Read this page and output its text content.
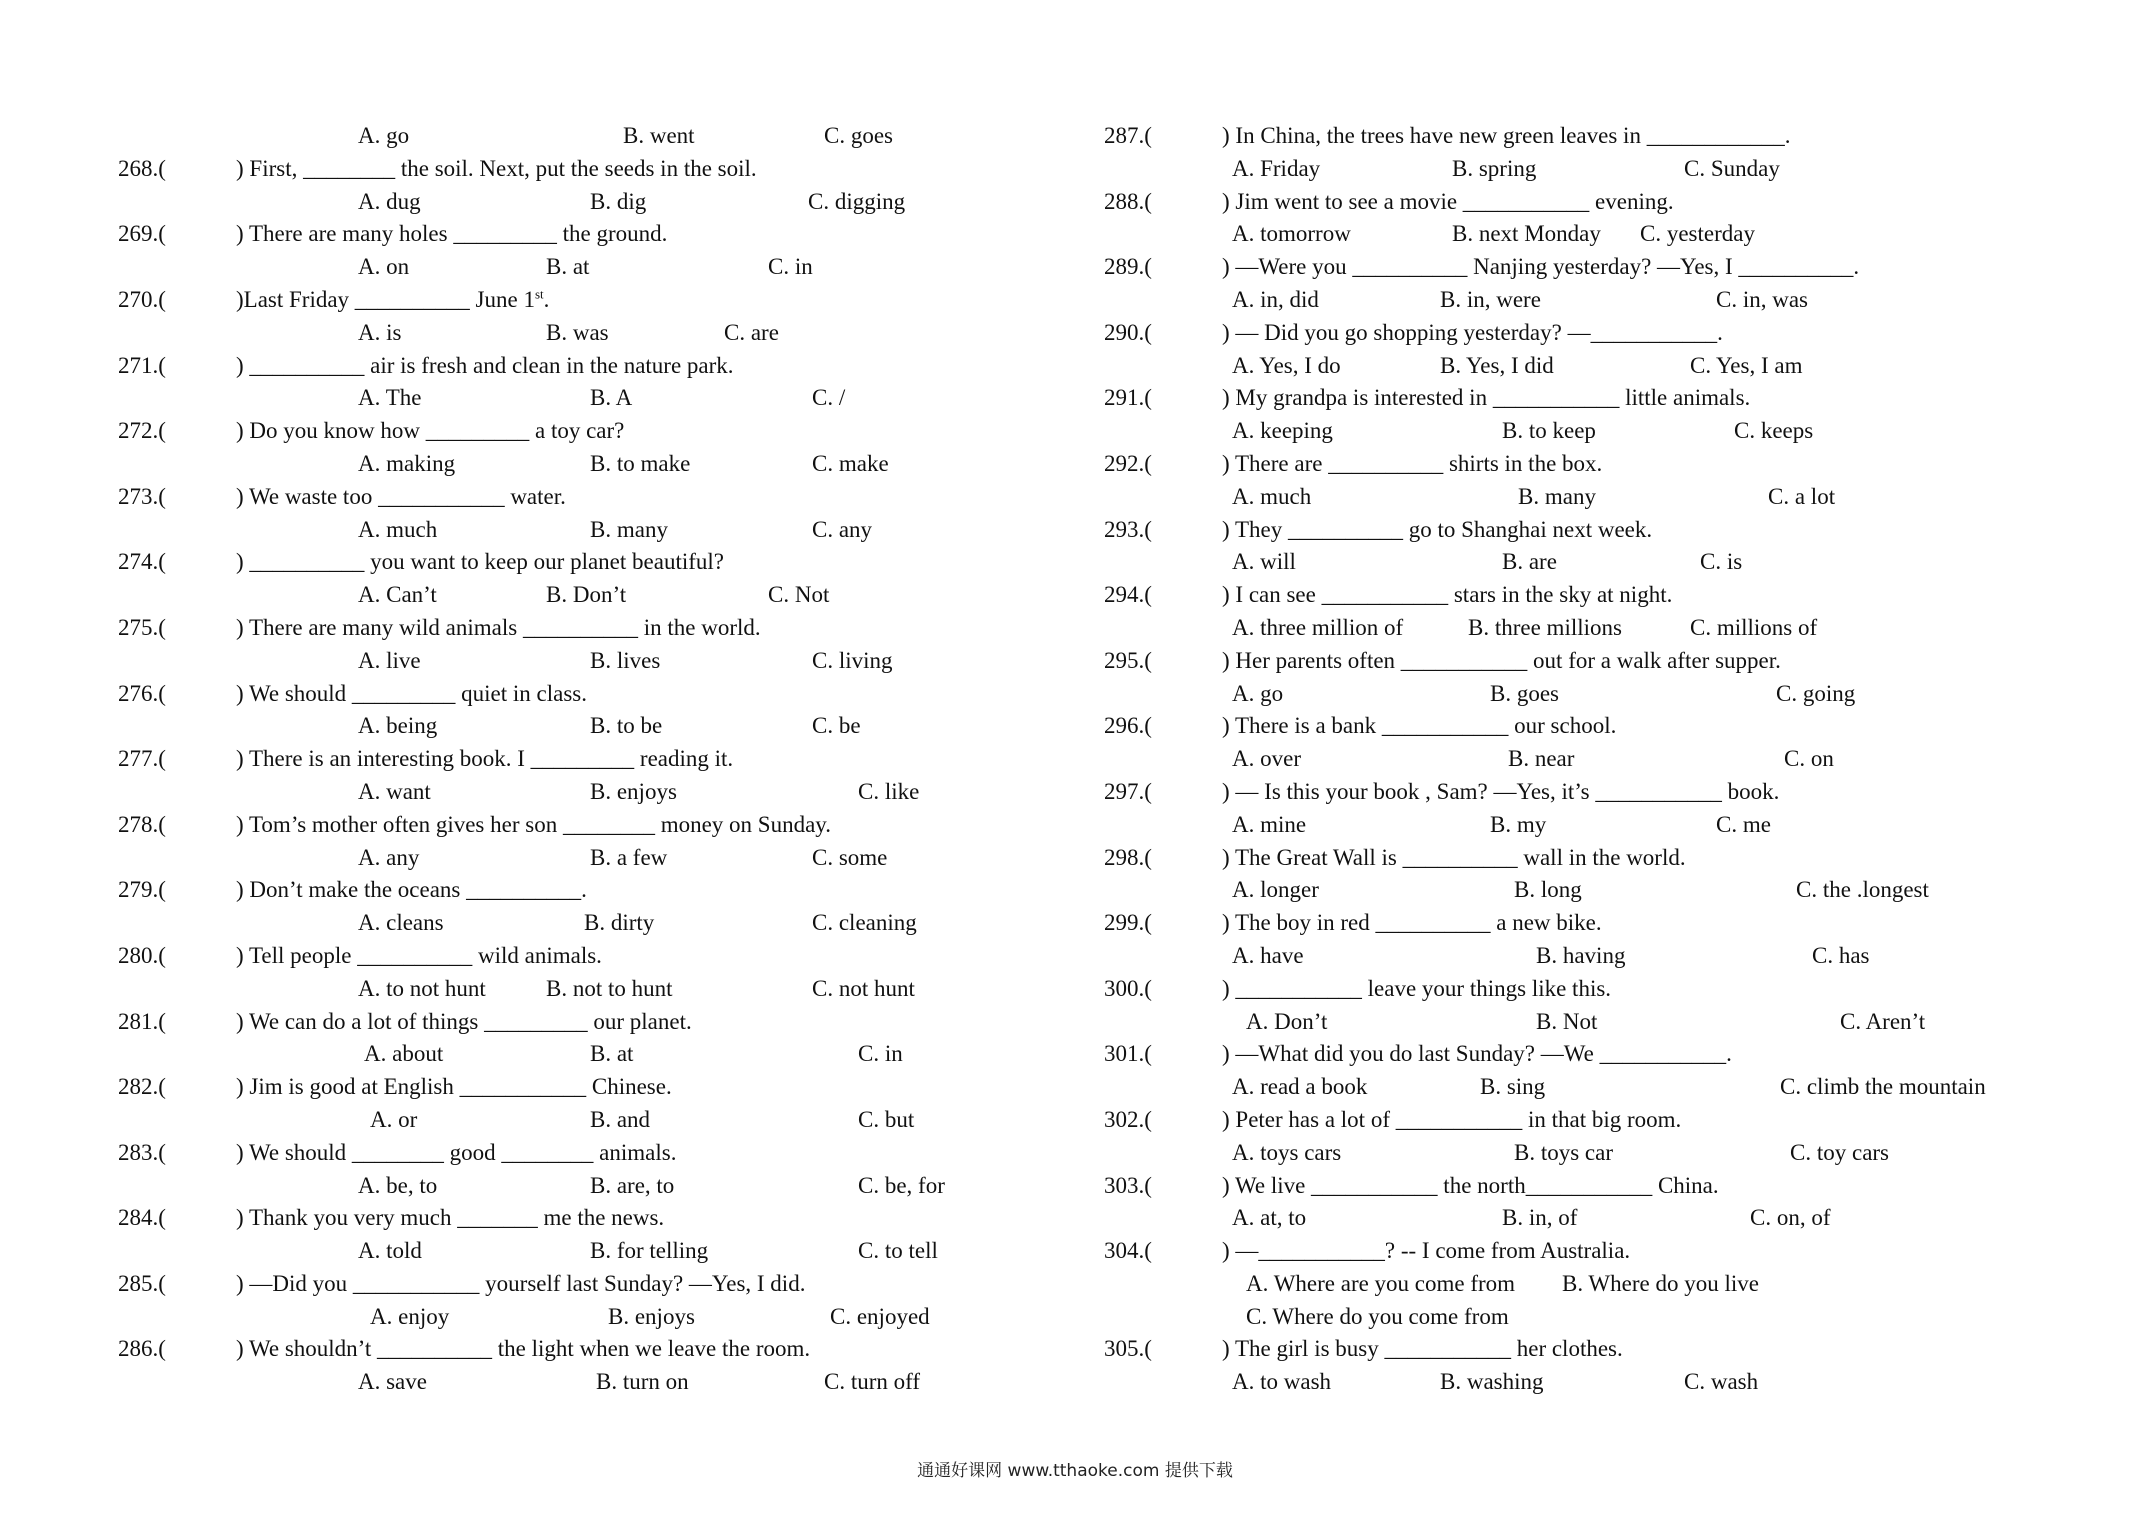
A. go	B. went	C. goes
268.(	) First, ________ the soil. Next, put the seeds in the soil.
A. dug	B. dig	C. digging
269.(	) There are many holes _________ the ground.
A. on	B. at	C. in
270.(	)Last Friday __________ June 1st.
A. is	B. was	C. are
271.(	) __________ air is fresh and clean in the nature park.
A. The	B. A	C. /
272.(	) Do you know how _________ a toy car?
A. making	B. to make	C. make
273.(	) We waste too ___________ water.
A. much	B. many	C. any
274.(	) __________ you want to keep our planet beautiful?
A. Can’t	B. Don’t	C. Not
275.(	) There are many wild animals __________ in the world.
A. live	B. lives	C. living
276.(	) We should _________ quiet in class.
A. being	B. to be	C. be
277.(	) There is an interesting book. I _________ reading it.
A. want	B. enjoys	C. like
278.(	) Tom’s mother often gives her son ________ money on Sunday.
A. any	B. a few	C. some
279.(	) Don’t make the oceans __________.
A. cleans	B. dirty	C. cleaning
280.(	) Tell people __________ wild animals.
A. to not hunt	B. not to hunt	C. not hunt
281.(	) We can do a lot of things _________ our planet.
A. about	B. at	C. in
282.(	) Jim is good at English ___________ Chinese.
A. or	B. and	C. but
283.(	) We should ________ good ________ animals.
A. be, to	B. are, to	C. be, for
284.(	) Thank you very much _______ me the news.
A. told	B. for telling	C. to tell
285.(	) —Did you ___________ yourself last Sunday? —Yes, I did.
A. enjoy	B. enjoys	C. enjoyed
286.(	) We shouldn’t __________ the light when we leave the room.
A. save	B. turn on	C. turn off
287.(	) In China, the trees have new green leaves in ____________.
A. Friday	B. spring	C. Sunday
288.(	) Jim went to see a movie ___________ evening.
A. tomorrow	B. next Monday C. yesterday
289.(	) —Were you __________ Nanjing yesterday? —Yes, I __________.
A. in, did	B. in, were	C. in, was
290.(	) — Did you go shopping yesterday? —___________.
A. Yes, I do	B. Yes, I did	C. Yes, I am
291.(	) My grandpa is interested in ___________ little animals.
A. keeping	B. to keep	C. keeps
292.(	) There are __________ shirts in the box.
A. much	B. many	C. a lot
293.(	) They __________ go to Shanghai next week.
A. will	B. are	C. is
294.(	) I can see ___________ stars in the sky at night.
A. three million of	B. three millions	C. millions of
295.(	) Her parents often ___________ out for a walk after supper.
A. go	B. goes	C. going
296.(	) There is a bank ___________ our school.
A. over	B. near	C. on
297.(	) — Is this your book , Sam? —Yes, it’s ___________ book.
A. mine	B. my	C. me
298.(	) The Great Wall is __________ wall in the world.
A. longer	B. long	C. the .longest
299.(	) The boy in red __________ a new bike.
A. have	B. having	C. has
300.(	) ___________ leave your things like this.
A. Don’t	B. Not	C. Aren’t
301.(	) —What did you do last Sunday? —We ___________.
A. read a book	B. sing	C. climb the mountain
302.(	) Peter has a lot of ___________ in that big room.
A. toys cars	B. toys car	C. toy cars
303.(	) We live ___________ the north___________ China.
A. at, to	B. in, of	C. on, of
304.(	) —___________? -- I come from Australia.
A. Where are you come from B. Where do you live
C. Where do you come from
305.(	) The girl is busy ___________ her clothes.
A. to wash	B. washing	C. wash
通通好课网 www.tthaoke.com 提供下载
